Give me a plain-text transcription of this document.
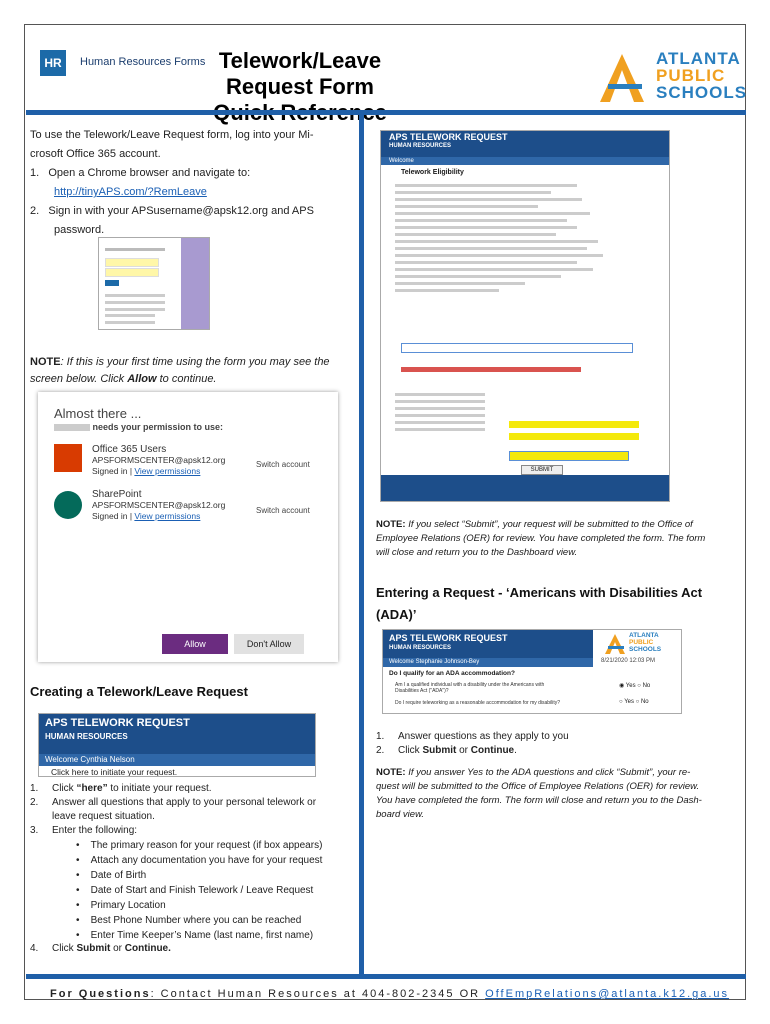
HR Human Resources Forms Telework/Leave Request Form
ATLANTA
PUBLIC
SCHOOLS
To use the Telework/Leave Request form, log into your Mi-
crosoft Office 365 account.
1. Open a Chrome browser and navigate to:
http://tinyAPS.com/?RemLeave
2. Sign in with your APSusername@apsk12.org and APS
password.
NOTE: If this is your first time using the form you may see the
screen below. Click Allow to continue.
Almost there ...
needs your permission to use:
Office 365 Users
APSFORMSCENTER@apsk12.org
Signed in | View permissions
Switch account
SharePoint
APSFORMSCENTER@apsk12.org
Signed in | View permissions
Switch account
Allow	Don't Allow
Creating a Telework/Leave Request
APS TELEWORK REQUEST
HUMAN RESOURCES
Welcome Cynthia Nelson
Click here to initiate your request.
1. Click “here” to initiate your request.
2. Answer all questions that apply to your personal telework or
leave request situation.
3. Enter the following:
•    The primary reason for your request (if box appears)
•    Attach any documentation you have for your request
•    Date of Birth
•    Date of Start and Finish Telework / Leave Request
•    Primary Location
•    Best Phone Number where you can be reached
•    Enter Time Keeper’s Name (last name, first name)
4. Click Submit or Continue.
APS TELEWORK REQUEST
HUMAN RESOURCES
Welcome
Telework Eligibility
SUBMIT
NOTE: If you select “Submit”, your request will be submitted to the Office of
Employee Relations (OER) for review. You have completed the form. The form
will close and return you to the Dashboard view.
Entering a Request - ‘Americans with Disabilities Act
(ADA)’
APS TELEWORK REQUEST
HUMAN RESOURCES
Welcome Stephanie Johnson-Bey
ATLANTA
PUBLIC
SCHOOLS
8/21/2020 12:03 PM
Do I qualify for an ADA accommodation?
Am I a qualified individual with a disability under the Americans with Disabilities Act ("ADA")?
Do I require teleworking as a reasonable accommodation for my disability?
◉ Yes ○ No
○ Yes ○ No
1. Answer questions as they apply to you
2. Click Submit or Continue.
NOTE: If you answer Yes to the ADA questions and click “Submit”, your re-
quest will be submitted to the Office of Employee Relations (OER) for review.
You have completed the form. The form will close and return you to the Dash-
board view.
For Questions: Contact Human Resources at 404-802-2345 OR OffEmpRelations@atlanta.k12.ga.us
